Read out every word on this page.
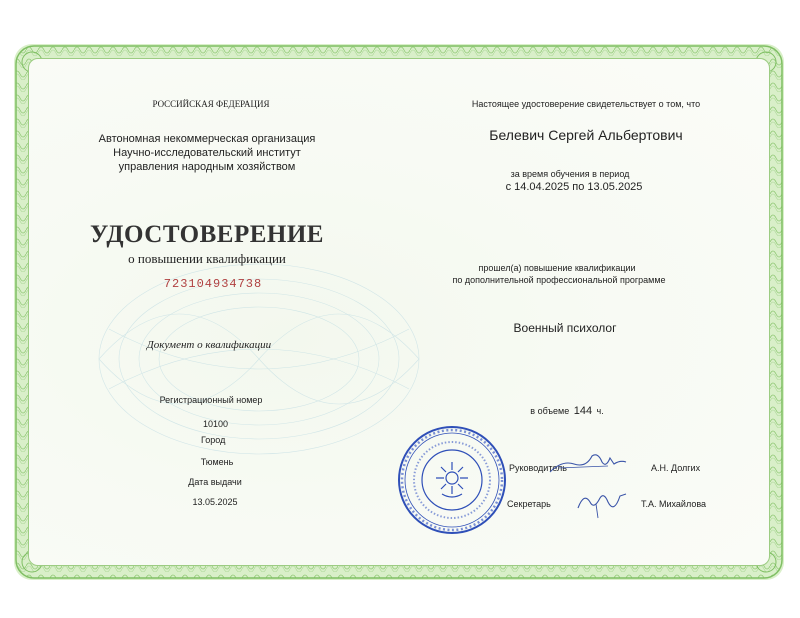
РОССИЙСКАЯ ФЕДЕРАЦИЯ
Автономная некоммерческая организация
Научно-исследовательский институт
управления народным хозяйством
УДОСТОВЕРЕНИЕ
о повышении квалификации
723104934738
Документ о квалификации
Регистрационный номер
10100
Город
Тюмень
Дата выдачи
13.05.2025
Настоящее удостоверение свидетельствует о том, что
Белевич Сергей Альбертович
за время обучения в период
с 14.04.2025 по 13.05.2025
прошел(а) повышение квалификации
по дополнительной профессиональной программе
Военный психолог
в объеме 144 ч.
Руководитель	А.Н. Долгих
Секретарь	Т.А. Михайлова
